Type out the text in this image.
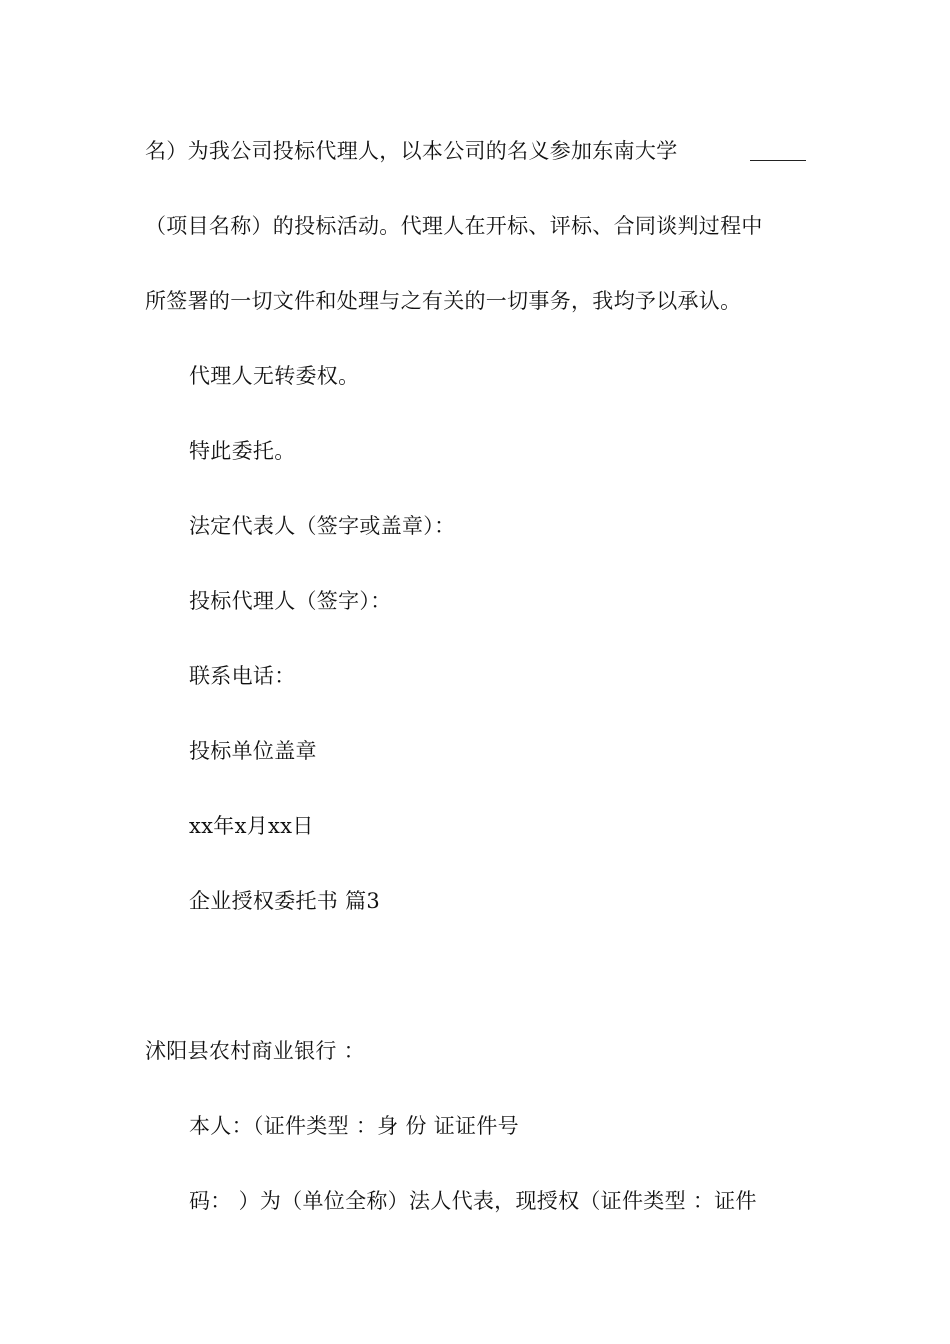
名）为我公司投标代理人，以本公司的名义参加东南大学
（项目名称）的投标活动。代理人在开标、评标、合同谈判过程中
所签署的一切文件和处理与之有关的一切事务，我均予以承认。
代理人无转委权。
特此委托。
法定代表人（签字或盖章）：
投标代理人（签字）：
联系电话：
投标单位盖章
xx年x月xx日
企业授权委托书 篇3
沭阳县农村商业银行 ：
本人：（证件类型 ：身 份 证证件号
码： ）为（单位全称）法人代表，现授权（证件类型 ：证件
